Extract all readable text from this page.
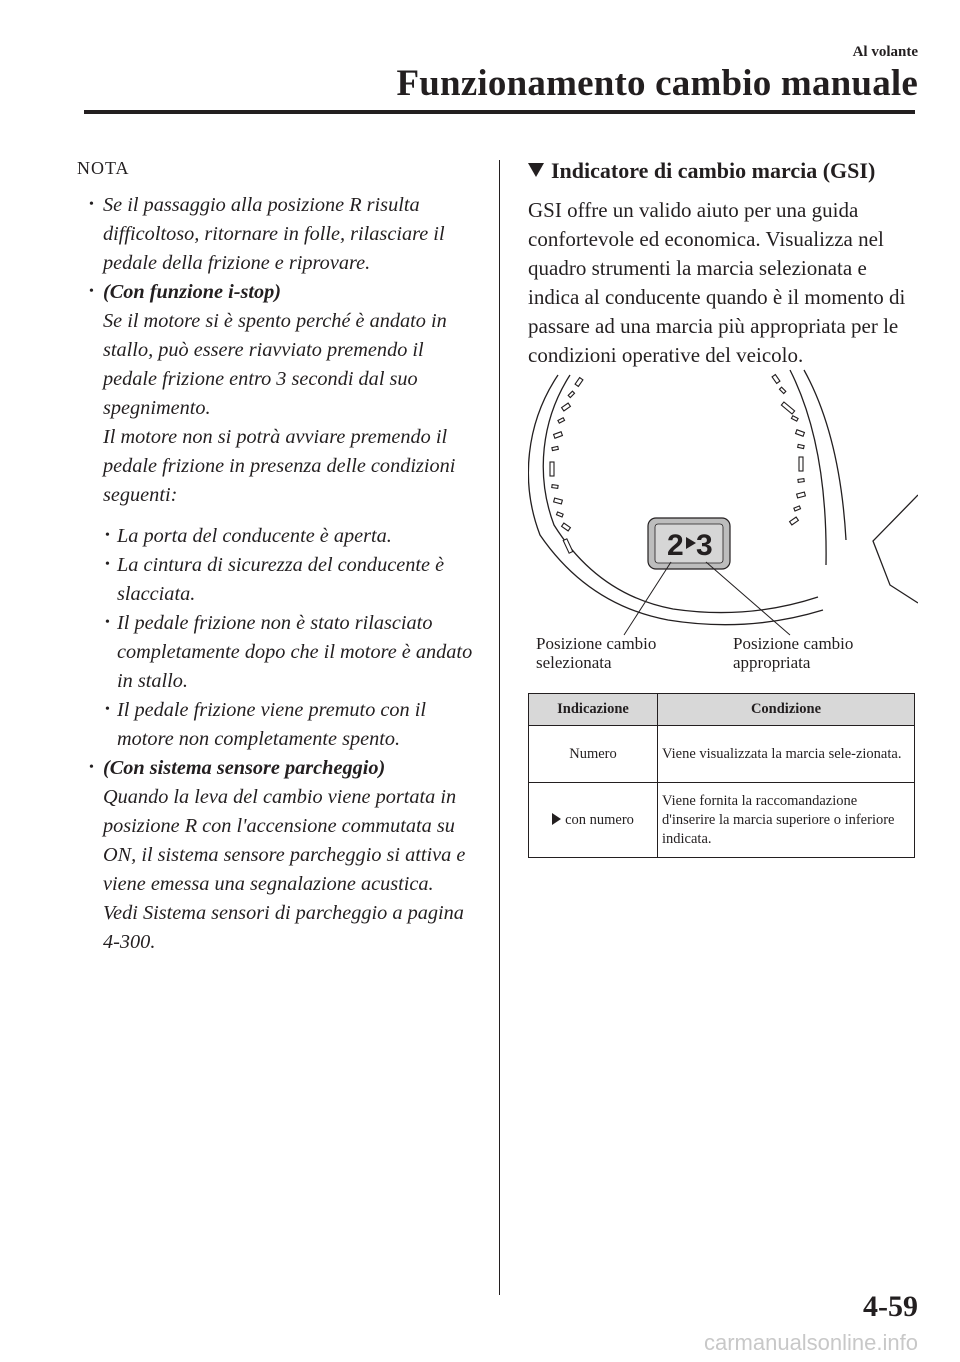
Al volante
Funzionamento cambio manuale
NOTA
• Se il passaggio alla posizione R risulta difficoltoso, ritornare in folle, rilasciare il pedale della frizione e riprovare.
• (Con funzione i-stop)
Se il motore si è spento perché è andato in stallo, può essere riavviato premendo il pedale frizione entro 3 secondi dal suo spegnimento.
Il motore non si potrà avviare premendo il pedale frizione in presenza delle condizioni seguenti:
• La porta del conducente è aperta.
• La cintura di sicurezza del conducente è slacciata.
• Il pedale frizione non è stato rilasciato completamente dopo che il motore è andato in stallo.
• Il pedale frizione viene premuto con il motore non completamente spento.
• (Con sistema sensore parcheggio)
Quando la leva del cambio viene portata in posizione R con l'accensione commutata su ON, il sistema sensore parcheggio si attiva e viene emessa una segnalazione acustica.
Vedi Sistema sensori di parcheggio a pagina 4-300.
Indicatore di cambio marcia (GSI)
GSI offre un valido aiuto per una guida confortevole ed economica. Visualizza nel quadro strumenti la marcia selezionata e indica al conducente quando è il momento di passare ad una marcia più appropriata per le condizioni operative del veicolo.
2 3
Posizione cambio selezionata
Posizione cambio appropriata
Indicazione	Condizione
Numero	Viene visualizzata la marcia sele-zionata.
con numero	Viene fornita la raccomandazione d'inserire la marcia superiore o inferiore indicata.
4-59
carmanualsonline.info
